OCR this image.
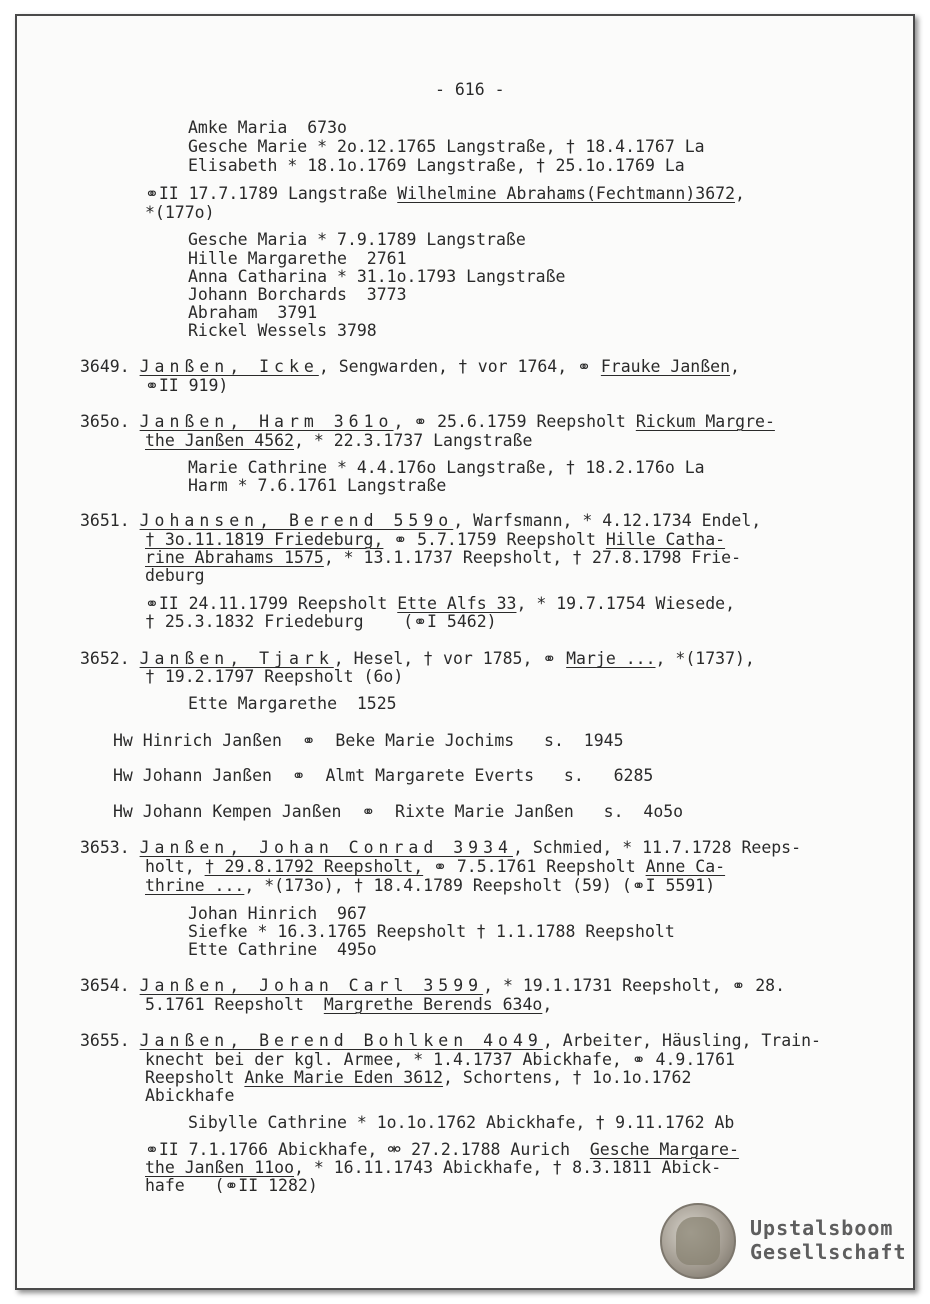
- 616 -
Amke Maria  673o
Gesche Marie * 2o.12.1765 Langstraße, † 18.4.1767 La
Elisabeth * 18.1o.1769 Langstraße, † 25.1o.1769 La
⚭II 17.7.1789 Langstraße Wilhelmine Abrahams(Fechtmann)3672,
*(177o)
Gesche Maria * 7.9.1789 Langstraße
Hille Margarethe  2761
Anna Catharina * 31.1o.1793 Langstraße
Johann Borchards  3773
Abraham  3791
Rickel Wessels 3798
3649. Janßen, Icke, Sengwarden, † vor 1764, ⚭ Frauke Janßen,
⚭II 919)
365o. Janßen, Harm 361o, ⚭ 25.6.1759 Reepsholt Rickum Margre-
the Janßen 4562, * 22.3.1737 Langstraße
Marie Cathrine * 4.4.176o Langstraße, † 18.2.176o La
Harm * 7.6.1761 Langstraße
3651. Johansen, Berend 559o, Warfsmann, * 4.12.1734 Endel,
† 3o.11.1819 Friedeburg, ⚭ 5.7.1759 Reepsholt Hille Catha-
rine Abrahams 1575, * 13.1.1737 Reepsholt, † 27.8.1798 Frie-
deburg
⚭II 24.11.1799 Reepsholt Ette Alfs 33, * 19.7.1754 Wiesede,
† 25.3.1832 Friedeburg    (⚭I 5462)
3652. Janßen, Tjark, Hesel, † vor 1785, ⚭ Marje ..., *(1737),
† 19.2.1797 Reepsholt (6o)
Ette Margarethe  1525
Hw Hinrich Janßen  ⚭  Beke Marie Jochims   s.  1945
Hw Johann Janßen  ⚭  Almt Margarete Everts   s.   6285
Hw Johann Kempen Janßen  ⚭  Rixte Marie Janßen   s.  4o5o
3653. Janßen, Johan Conrad 3934, Schmied, * 11.7.1728 Reeps-
holt, † 29.8.1792 Reepsholt, ⚭ 7.5.1761 Reepsholt Anne Ca-
thrine ..., *(173o), † 18.4.1789 Reepsholt (59) (⚭I 5591)
Johan Hinrich  967
Siefke * 16.3.1765 Reepsholt † 1.1.1788 Reepsholt
Ette Cathrine  495o
3654. Janßen, Johan Carl 3599, * 19.1.1731 Reepsholt, ⚭ 28.
5.1761 Reepsholt  Margrethe Berends 634o,
3655. Janßen, Berend Bohlken 4o49, Arbeiter, Häusling, Train-
knecht bei der kgl. Armee, * 1.4.1737 Abickhafe, ⚭ 4.9.1761
Reepsholt Anke Marie Eden 3612, Schortens, † 1o.1o.1762
Abickhafe
Sibylle Cathrine * 1o.1o.1762 Abickhafe, † 9.11.1762 Ab
⚭II 7.1.1766 Abickhafe, ⚮ 27.2.1788 Aurich  Gesche Margare-
the Janßen 11oo, * 16.11.1743 Abickhafe, † 8.3.1811 Abick-
hafe   (⚭II 1282)
Upstalsboom
Gesellschaft
